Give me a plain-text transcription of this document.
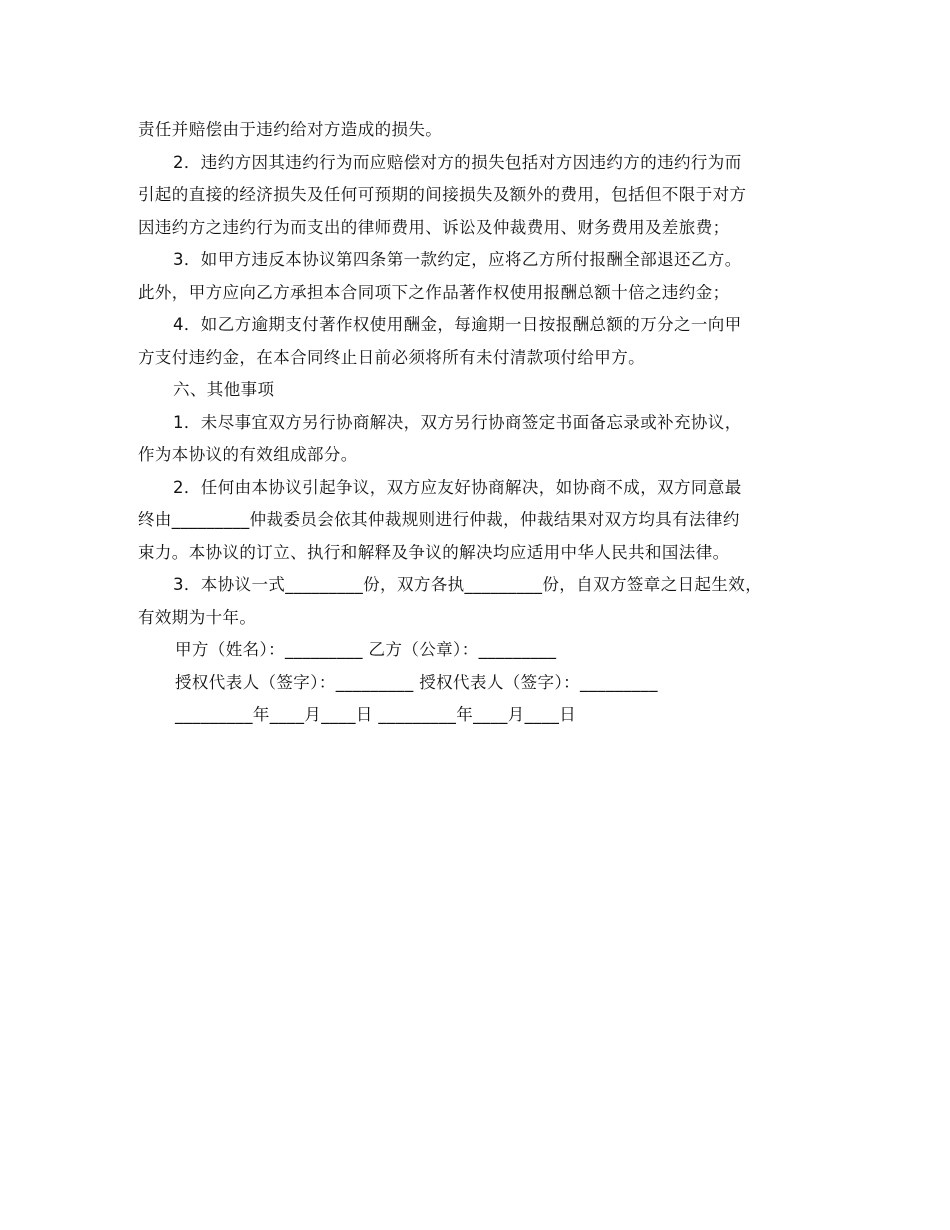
责任并赔偿由于违约给对方造成的损失。
2．违约方因其违约行为而应赔偿对方的损失包括对方因违约方的违约行为而
引起的直接的经济损失及任何可预期的间接损失及额外的费用，包括但不限于对方
因违约方之违约行为而支出的律师费用、诉讼及仲裁费用、财务费用及差旅费；
3．如甲方违反本协议第四条第一款约定，应将乙方所付报酬全部退还乙方。
此外，甲方应向乙方承担本合同项下之作品著作权使用报酬总额十倍之违约金；
4．如乙方逾期支付著作权使用酬金，每逾期一日按报酬总额的万分之一向甲
方支付违约金，在本合同终止日前必须将所有未付清款项付给甲方。
六、其他事项
1．未尽事宜双方另行协商解决，双方另行协商签定书面备忘录或补充协议，
作为本协议的有效组成部分。
2．任何由本协议引起争议，双方应友好协商解决，如协商不成，双方同意最
终由_________仲裁委员会依其仲裁规则进行仲裁，仲裁结果对双方均具有法律约
束力。本协议的订立、执行和解释及争议的解决均应适用中华人民共和国法律。
3．本协议一式_________份，双方各执_________份，自双方签章之日起生效，
有效期为十年。
甲方（姓名）：_________ 乙方（公章）：_________
授权代表人（签字）：_________ 授权代表人（签字）：_________
_________年____月____日 _________年____月____日
